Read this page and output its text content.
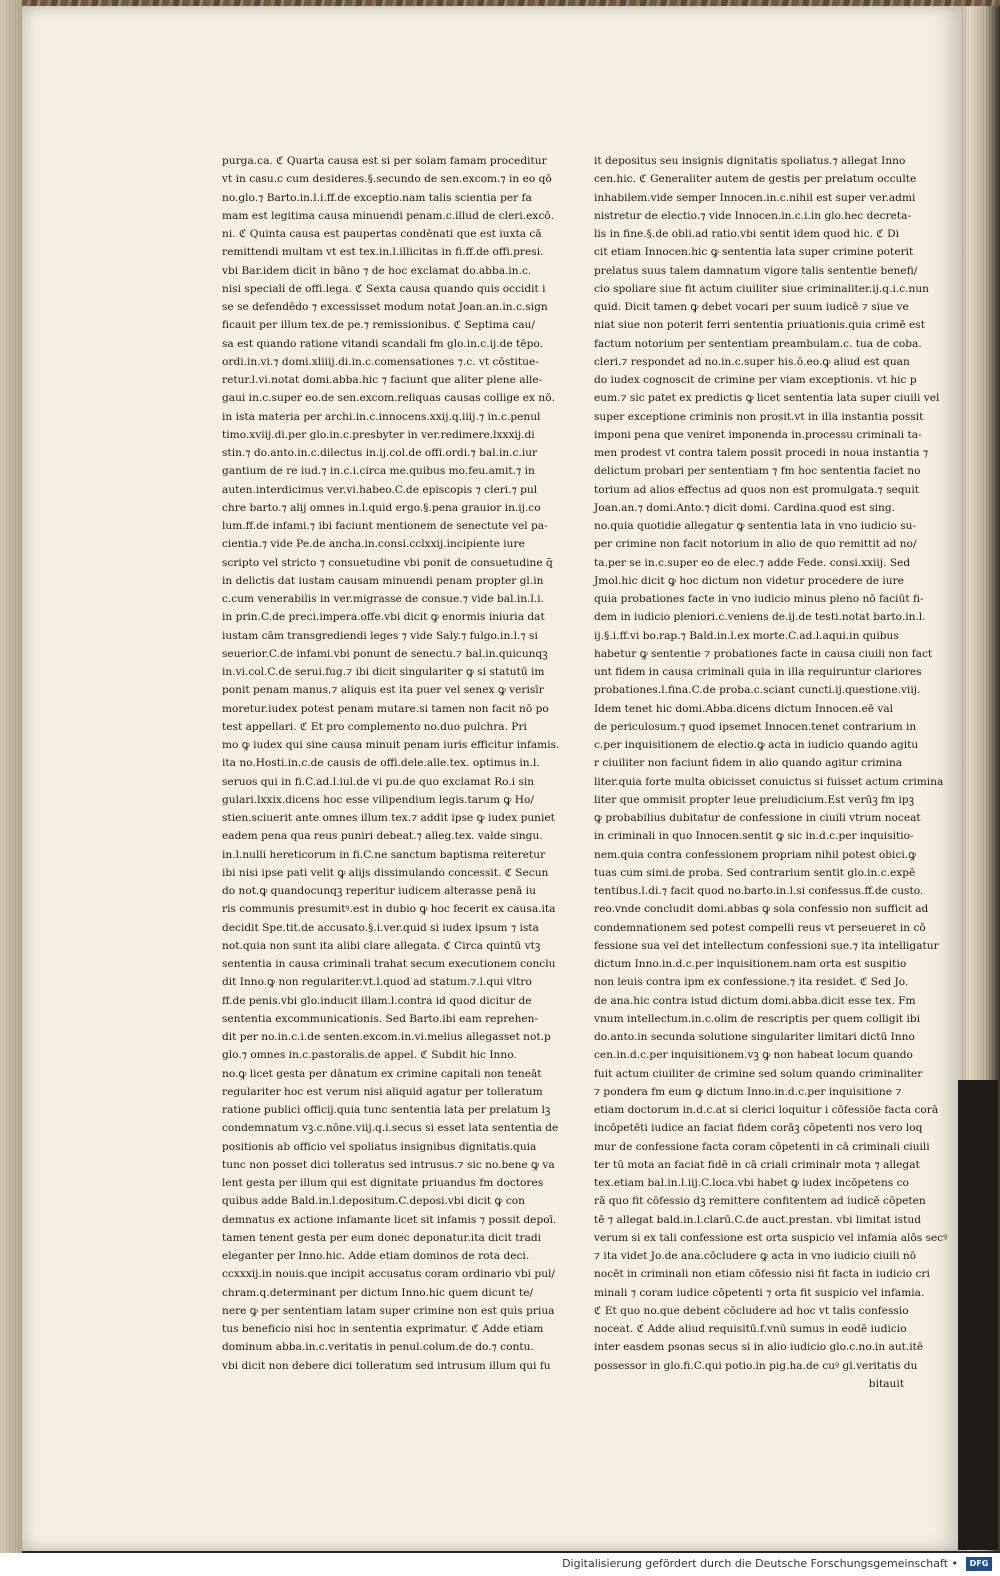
purga.ca. ℭ Quarta causa est si per solam famam proceditur

vt in casu.c cum desideres.§.secundo de sen.excom.⁊ in eo qō

no.glo.⁊ Barto.in.l.i.ff.de exceptio.nam talis scientia per fa

mam est legitima causa minuendi penam.c.illud de cleri.excō.

ni. ℭ Quinta causa est paupertas condēnati que est iuxta cā

remittendi multam vt est tex.in.l.illicitas in fi.ff.de offi.presi.

vbi Bar.idem dicit in bāno ⁊ de hoc exclamat do.abba.in.c.

nisi speciali de offi.lega. ℭ Sexta causa quando quis occidit i

se se defendēdo ⁊ excessisset modum notat Joan.an.in.c.sign

ficauit per illum tex.de pe.⁊ remissionibus. ℭ Septima cau/

sa est quando ratione vitandi scandali fm glo.in.c.ij.de tēpo.

ordi.in.vi.⁊ domi.xliiij.di.in.c.comensationes ⁊.c. vt cōstitue-

retur.l.vi.notat domi.abba.hic ⁊ faciunt que aliter plene alle-

gaui in.c.super eo.de sen.excom.reliquas causas collige ex nō.

in ista materia per archi.in.c.innocens.xxij.q.iiij.⁊ in.c.penul

timo.xviij.di.per glo.in.c.presbyter in ver.redimere.lxxxij.di

stin.⁊ do.anto.in.c.dilectus in.ij.col.de offi.ordi.⁊ bal.in.c.iur

gantium de re iud.⁊ in.c.i.circa me.quibus mo.feu.amit.⁊ in

auten.interdicimus ver.vi.habeo.C.de episcopis ⁊ cleri.⁊ pul

chre barto.⁊ alij omnes in.l.quid ergo.§.pena grauior in.ij.co

lum.ff.de infami.⁊ ibi faciunt mentionem de senectute vel pa-

cientia.⁊ vide Pe.de ancha.in.consi.cclxxij.incipiente iure

scripto vel stricto ⁊ consuetudine vbi ponit de consuetudine q̄

in delictis dat iustam causam minuendi penam propter gl.in

c.cum venerabilis in ver.migrasse de consue.⁊ vide bal.in.l.i.

in prin.C.de preci.impera.offe.vbi dicit ꝙ enormis iniuria dat

iustam cām transgrediendi leges ⁊ vide Saly.⁊ fulgo.in.l.⁊ si

seuerior.C.de infami.vbi ponunt de senectu.⁊ bal.in.quicunqꝫ

in.vi.col.C.de serui.fug.⁊ ibi dicit singulariter ꝙ si statutū im

ponit penam manus.⁊ aliquis est ita puer vel senex ꝙ verisīr

moretur.iudex potest penam mutare.si tamen non facit nō po

test appellari. ℭ Et pro complemento no.duo pulchra. Pri

mo ꝙ iudex qui sine causa minuit penam iuris efficitur infamis.

ita no.Hosti.in.c.de causis de offi.dele.alle.tex. optimus in.l.

seruos qui in fi.C.ad.l.iul.de vi pu.de quo exclamat Ro.i sin

gulari.lxxix.dicens hoc esse vilipendium legis.tarum ꝙ Ho/

stien.sciuerit ante omnes illum tex.⁊ addit ipse ꝙ iudex puniet

eadem pena qua reus puniri debeat.⁊ alleg.tex. valde singu.

in.l.nulli hereticorum in fi.C.ne sanctum baptisma reiteretur

ibi nisi ipse pati velit ꝙ alijs dissimulando concessit. ℭ Secun

do not.ꝙ quandocunqꝫ reperitur iudicem alterasse penā iu

ris communis presumitꝰ.est in dubio ꝙ hoc fecerit ex causa.ita

decidit Spe.tit.de accusato.§.i.ver.quid si iudex ipsum ⁊ ista

not.quia non sunt ita alibi clare allegata. ℭ Circa quintū vtꝫ

sententia in causa criminali trahat secum executionem conclu

dit Inno.ꝙ non regulariter.vt.l.quod ad statum.⁊.l.qui vltro

ff.de penis.vbi glo.inducit illam.l.contra id quod dicitur de

sententia excommunicationis. Sed Barto.ibi eam reprehen-

dit per no.in.c.i.de senten.excom.in.vi.melius allegasset not.p

glo.⁊ omnes in.c.pastoralis.de appel. ℭ Subdit hic Inno.

no.ꝙ licet gesta per dānatum ex crimine capitali non teneāt

regulariter hoc est verum nisi aliquid agatur per tolleratum

ratione publici officij.quia tunc sententia lata per prelatum lꝫ

condemnatum vꝫ.c.nōne.viij.q.i.secus si esset lata sententia de

positionis ab officio vel spoliatus insignibus dignitatis.quia

tunc non posset dici tolleratus sed intrusus.⁊ sic no.bene ꝙ va

lent gesta per illum qui est dignitate priuandus fm doctores

quibus adde Bald.in.l.depositum.C.deposi.vbi dicit ꝙ con

demnatus ex actione infamante licet sit infamis ⁊ possit depoī.

tamen tenent gesta per eum donec deponatur.ita dicit tradi

eleganter per Inno.hic. Adde etiam dominos de rota deci.

ccxxxij.in nouis.que incipit accusatus coram ordinario vbi pul/

chram.q.determinant per dictum Inno.hic quem dicunt te/

nere ꝙ per sententiam latam super crimine non est quis priua

tus beneficio nisi hoc in sententia exprimatur. ℭ Adde etiam

dominum abba.in.c.veritatis in penul.colum.de do.⁊ contu.

vbi dicit non debere dici tolleratum sed intrusum illum qui fu

it depositus seu insignis dignitatis spoliatus.⁊ allegat Inno

cen.hic. ℭ Generaliter autem de gestis per prelatum occulte

inhabilem.vide semper Innocen.in.c.nihil est super ver.admi

nistretur de electio.⁊ vide Innocen.in.c.i.in glo.hec decreta-

lis in fine.§.de obli.ad ratio.vbi sentit idem quod hic. ℭ Di

cit etiam Innocen.hic ꝙ sententia lata super crimine poterit

prelatus suus talem damnatum vigore talis sententie benefi/

cio spoliare siue fit actum ciuiliter siue criminaliter.ij.q.i.c.nun

quid. Dicit tamen ꝙ debet vocari per suum iudicē ⁊ siue ve

niat siue non poterit ferri sententia priuationis.quia crimē est

factum notorium per sententiam preambulam.c. tua de coba.

cleri.⁊ respondet ad no.in.c.super his.ō.eo.ꝙ aliud est quan

do iudex cognoscit de crimine per viam exceptionis. vt hic p

eum.⁊ sic patet ex predictis ꝙ licet sententia lata super ciuili vel

super exceptione criminis non prosit.vt in illa instantia possit

imponi pena que veniret imponenda in.processu criminali ta-

men prodest vt contra talem possit procedi in noua instantia ⁊

delictum probari per sententiam ⁊ fm hoc sententia faciet no

torium ad alios effectus ad quos non est promulgata.⁊ sequit

Joan.an.⁊ domi.Anto.⁊ dicit domi. Cardina.quod est sing.

no.quia quotidie allegatur ꝙ sententia lata in vno iudicio su-

per crimine non facit notorium in alio de quo remittit ad no/

ta.per se in.c.super eo de elec.⁊ adde Fede. consi.xxiij. Sed

Jmol.hic dicit ꝙ hoc dictum non videtur procedere de iure

quia probationes facte in vno iudicio minus pleno nō faciūt fi-

dem in iudicio pleniori.c.veniens de.ij.de testi.notat barto.in.l.

ij.§.i.ff.vi bo.rap.⁊ Bald.in.l.ex morte.C.ad.l.aqui.in quibus

habetur ꝙ sententie ⁊ probationes facte in causa ciuili non fact

unt fidem in causa criminali quia in illa requiruntur clariores

probationes.l.fina.C.de proba.c.sciant cuncti.ij.questione.viij.

Idem tenet hic domi.Abba.dicens dictum Innocen.eē val

de periculosum.⁊ quod ipsemet Innocen.tenet contrarium in

c.per inquisitionem de electio.ꝙ acta in iudicio quando agitu

r ciuiliter non faciunt fidem in alio quando agitur crimina

liter.quia forte multa obicisset conuictus si fuisset actum crimina

liter que ommisit propter leue preiudicium.Est verūꝫ fm ipꝫ

ꝙ probabilius dubitatur de confessione in ciuili vtrum noceat

in criminali in quo Innocen.sentit ꝙ sic in.d.c.per inquisitio-

nem.quia contra confessionem propriam nihil potest obici.ꝙ

tuas cum simi.de proba. Sed contrarium sentit glo.in.c.expē

tentibus.l.di.⁊ facit quod no.barto.in.l.si confessus.ff.de custo.

reo.vnde concludit domi.abbas ꝙ sola confessio non sufficit ad

condemnationem sed potest compelli reus vt perseueret in cō

fessione sua vel det intellectum confessioni sue.⁊ ita intelligatur

dictum Inno.in.d.c.per inquisitionem.nam orta est suspitio

non leuis contra ipm ex confessione.⁊ ita residet. ℭ Sed Jo.

de ana.hic contra istud dictum domi.abba.dicit esse tex. Fm

vnum intellectum.in.c.olim de rescriptis per quem colligit ibi

do.anto.in secunda solutione singulariter limitari dictū Inno

cen.in.d.c.per inquisitionem.vꝫ ꝙ non habeat locum quando

fuit actum ciuiliter de crimine sed solum quando criminaliter

⁊ pondera fm eum ꝙ dictum Inno.in.d.c.per inquisitione ⁊

etiam doctorum in.d.c.at si clerici loquitur i cōfessiōe facta corā

incōpetēti iudice an faciat fidem corāꝫ cōpetenti nos vero loq

mur de confessione facta coram cōpetenti in cā criminali ciuili

ter tū mota an faciat fidē in cā criali criminalr mota ⁊ allegat

tex.etiam bal.in.l.iij.C.loca.vbi habet ꝙ iudex incōpetens co

rā quo fit cōfessio dꝫ remittere confitentem ad iudicē cōpeten

tē ⁊ allegat bald.in.l.clarū.C.de auct.prestan. vbi limitat istud

verum si ex tali confessione est orta suspicio vel infamia alōs secꝰ

⁊ ita videt Jo.de ana.cōcludere ꝙ acta in vno iudicio ciuili nō

nocēt in criminali non etiam cōfessio nisi fit facta in iudicio cri

minali ⁊ coram iudice cōpetenti ⁊ orta fit suspicio vel infamia.

ℭ Et quo no.que debent cōcludere ad hoc vt talis confessio

noceat. ℭ Adde aliud requisitū.f.vnū sumus in eodē iudicio

inter easdem psonas secus si in alio iudicio glo.c.no.in aut.itē

possessor in glo.fi.C.qui potio.in pig.ha.de cuꝰ gl.veritatis du

bitauit

Digitalisierung gefördert durch die Deutsche Forschungsgemeinschaft •	DFG
